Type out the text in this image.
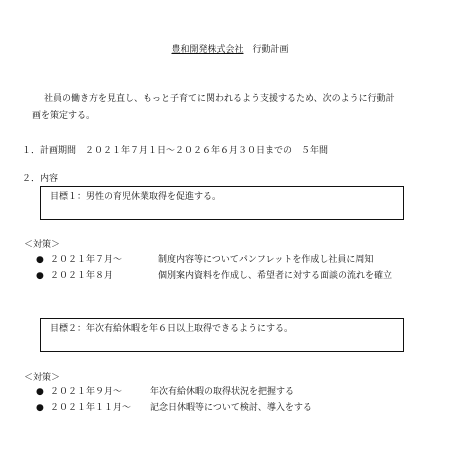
豊和開発株式会社　 行動計画
社員の働き方を見直し、もっと子育てに関われるよう支援するため、次のように行動計
画を策定する。
１．計画期間　２０２１年７月１日～２０２６年６月３０日までの　５年間
２．内容
目標１：男性の育児休業取得を促進する。
＜対策＞
● ２０２１年７月～	制度内容等についてパンフレットを作成し社員に周知
● ２０２１年８月	個別案内資料を作成し、希望者に対する面談の流れを確立
目標２：年次有給休暇を年６日以上取得できるようにする。
＜対策＞
● ２０２１年９月～	年次有給休暇の取得状況を把握する
● ２０２１年１１月～ 記念日休暇等について検討、導入をする
